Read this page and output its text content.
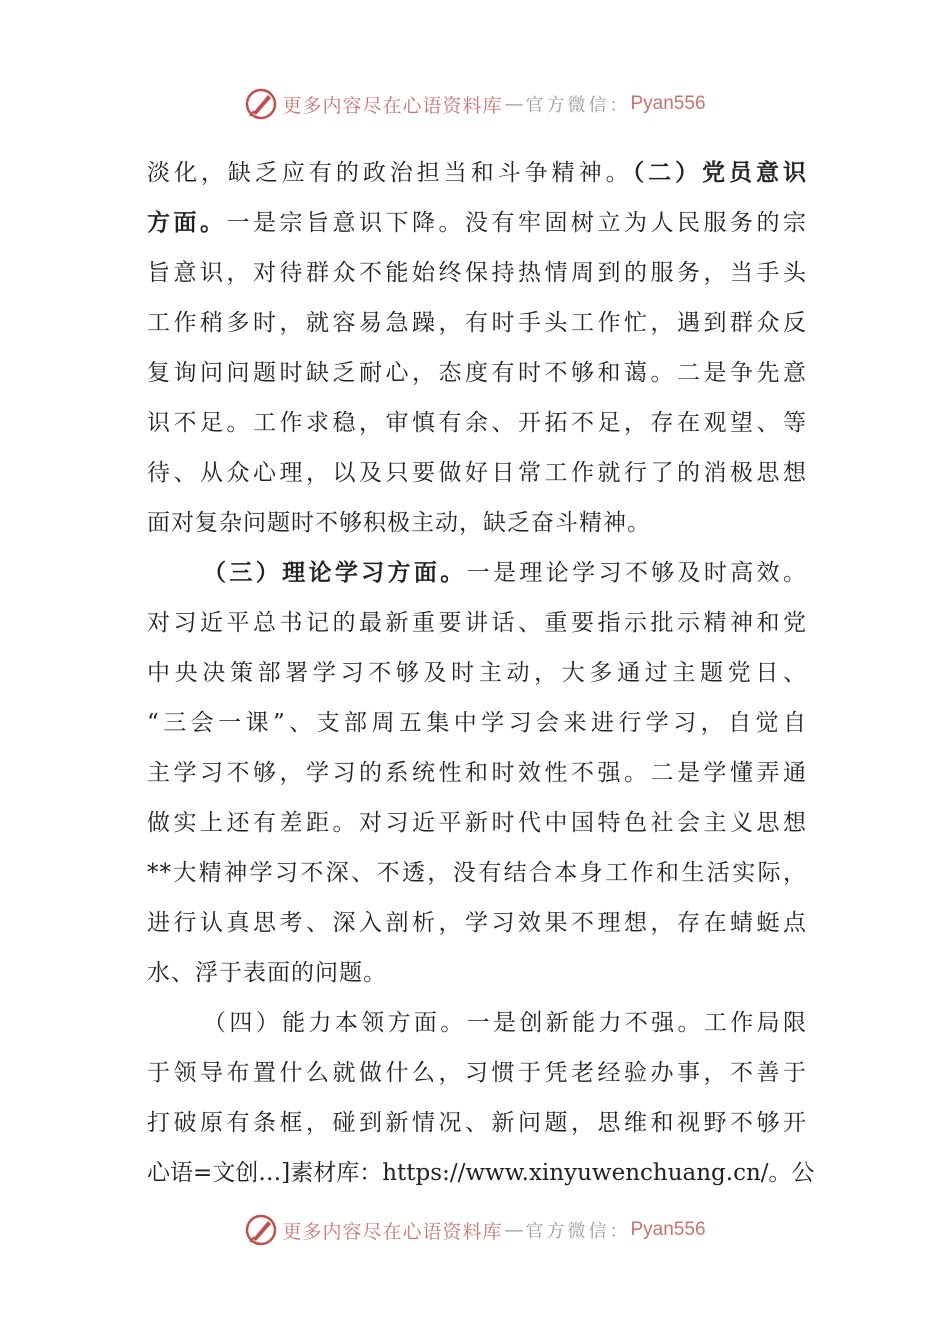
更多内容尽在心语资料库 — 官方微信： Pyan556
淡化，缺乏应有的政治担当和斗争精神。（二）党员意识
方面。一是宗旨意识下降。没有牢固树立为人民服务的宗
旨意识，对待群众不能始终保持热情周到的服务，当手头
工作稍多时，就容易急躁，有时手头工作忙，遇到群众反
复询问问题时缺乏耐心，态度有时不够和蔼。二是争先意
识不足。工作求稳，审慎有余、开拓不足，存在观望、等
待、从众心理，以及只要做好日常工作就行了的消极思想
面对复杂问题时不够积极主动，缺乏奋斗精神。
（三）理论学习方面。一是理论学习不够及时高效。
对习近平总书记的最新重要讲话、重要指示批示精神和党
中央决策部署学习不够及时主动，大多通过主题党日、
“三会一课”、支部周五集中学习会来进行学习，自觉自
主学习不够，学习的系统性和时效性不强。二是学懂弄通
做实上还有差距。对习近平新时代中国特色社会主义思想
**大精神学习不深、不透，没有结合本身工作和生活实际，
进行认真思考、深入剖析，学习效果不理想，存在蜻蜓点
水、浮于表面的问题。
（四）能力本领方面。一是创新能力不强。工作局限
于领导布置什么就做什么，习惯于凭老经验办事，不善于
打破原有条框，碰到新情况、新问题，思维和视野不够开
心语=文创…]素材库：https://www.xinyuwenchuang.cn/。公
更多内容尽在心语资料库 — 官方微信： Pyan556
